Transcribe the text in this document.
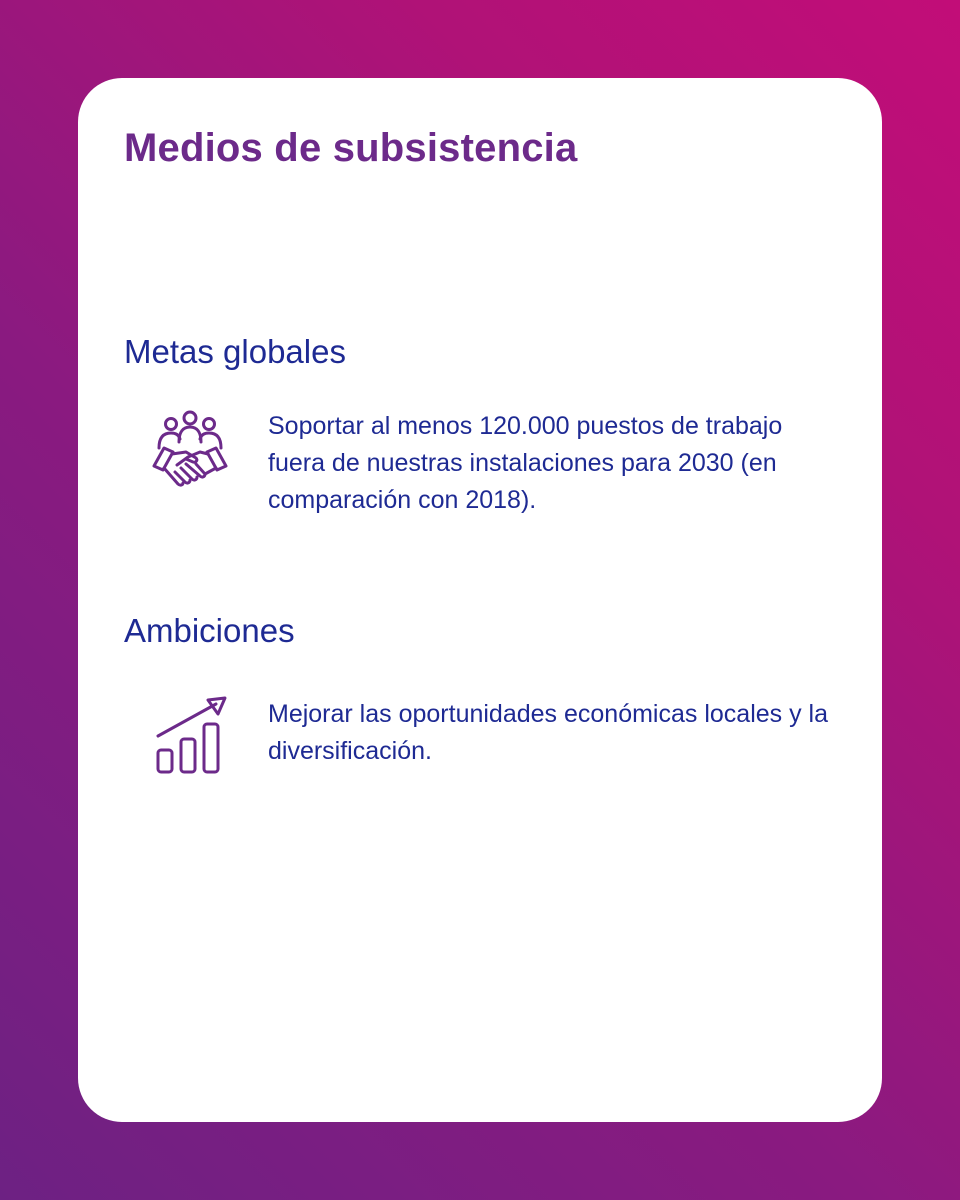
Medios de subsistencia
Metas globales

Soportar al menos 120.000 puestos de trabajo fuera de nuestras instalaciones para 2030 (en comparación con 2018).

Ambiciones

Mejorar las oportunidades económicas locales y la diversificación.
